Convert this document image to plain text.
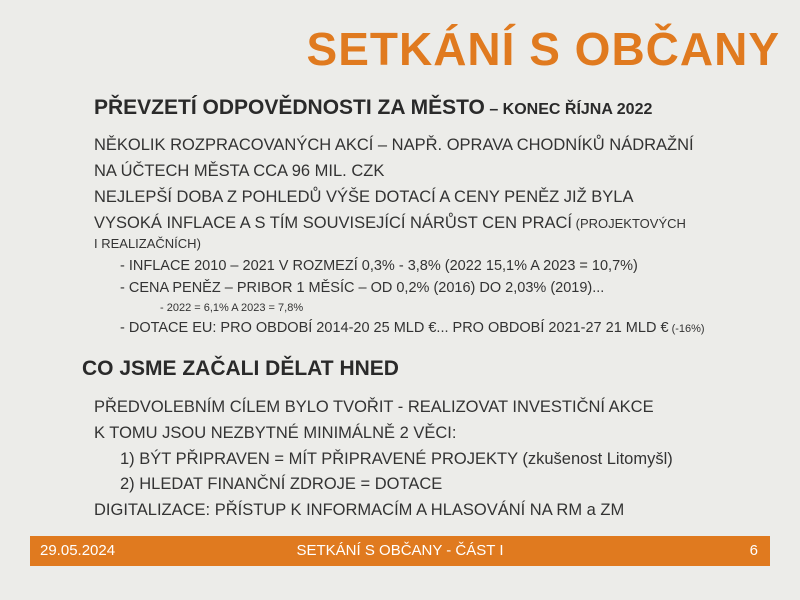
SETKÁNÍ S OBČANY
PŘEVZETÍ ODPOVĚDNOSTI ZA MĚSTO – KONEC ŘÍJNA 2022
NĚKOLIK ROZPRACOVANÝCH AKCÍ – NAPŘ. OPRAVA CHODNÍKŮ NÁDRAŽNÍ
NA ÚČTECH MĚSTA CCA 96 MIL. CZK
NEJLEPŠÍ DOBA Z POHLEDŮ VÝŠE DOTACÍ A CENY PENĚZ JIŽ BYLA
VYSOKÁ INFLACE A S TÍM SOUVISEJÍCÍ NÁRŮST CEN PRACÍ (PROJEKTOVÝCH
I REALIZAČNÍCH)
- INFLACE 2010 – 2021 V ROZMEZÍ 0,3% - 3,8% (2022 15,1% A 2023 = 10,7%)
- CENA PENĚZ – PRIBOR 1 MĚSÍC – OD 0,2% (2016) DO 2,03% (2019)...
- 2022 = 6,1% A 2023 = 7,8%
- DOTACE EU: PRO OBDOBÍ 2014-20 25 MLD €... PRO OBDOBÍ 2021-27 21 MLD € (-16%)
CO JSME ZAČALI DĚLAT HNED
PŘEDVOLEBNÍM CÍLEM BYLO TVOŘIT - REALIZOVAT INVESTIČNÍ AKCE
K TOMU JSOU NEZBYTNÉ MINIMÁLNĚ 2 VĚCI:
1) BÝT PŘIPRAVEN = MÍT PŘIPRAVENÉ PROJEKTY (zkušenost Litomyšl)
2) HLEDAT FINANČNÍ ZDROJE = DOTACE
DIGITALIZACE: PŘÍSTUP K INFORMACÍM A HLASOVÁNÍ NA RM a ZM
29.05.2024	SETKÁNÍ S OBČANY - ČÁST I	6
